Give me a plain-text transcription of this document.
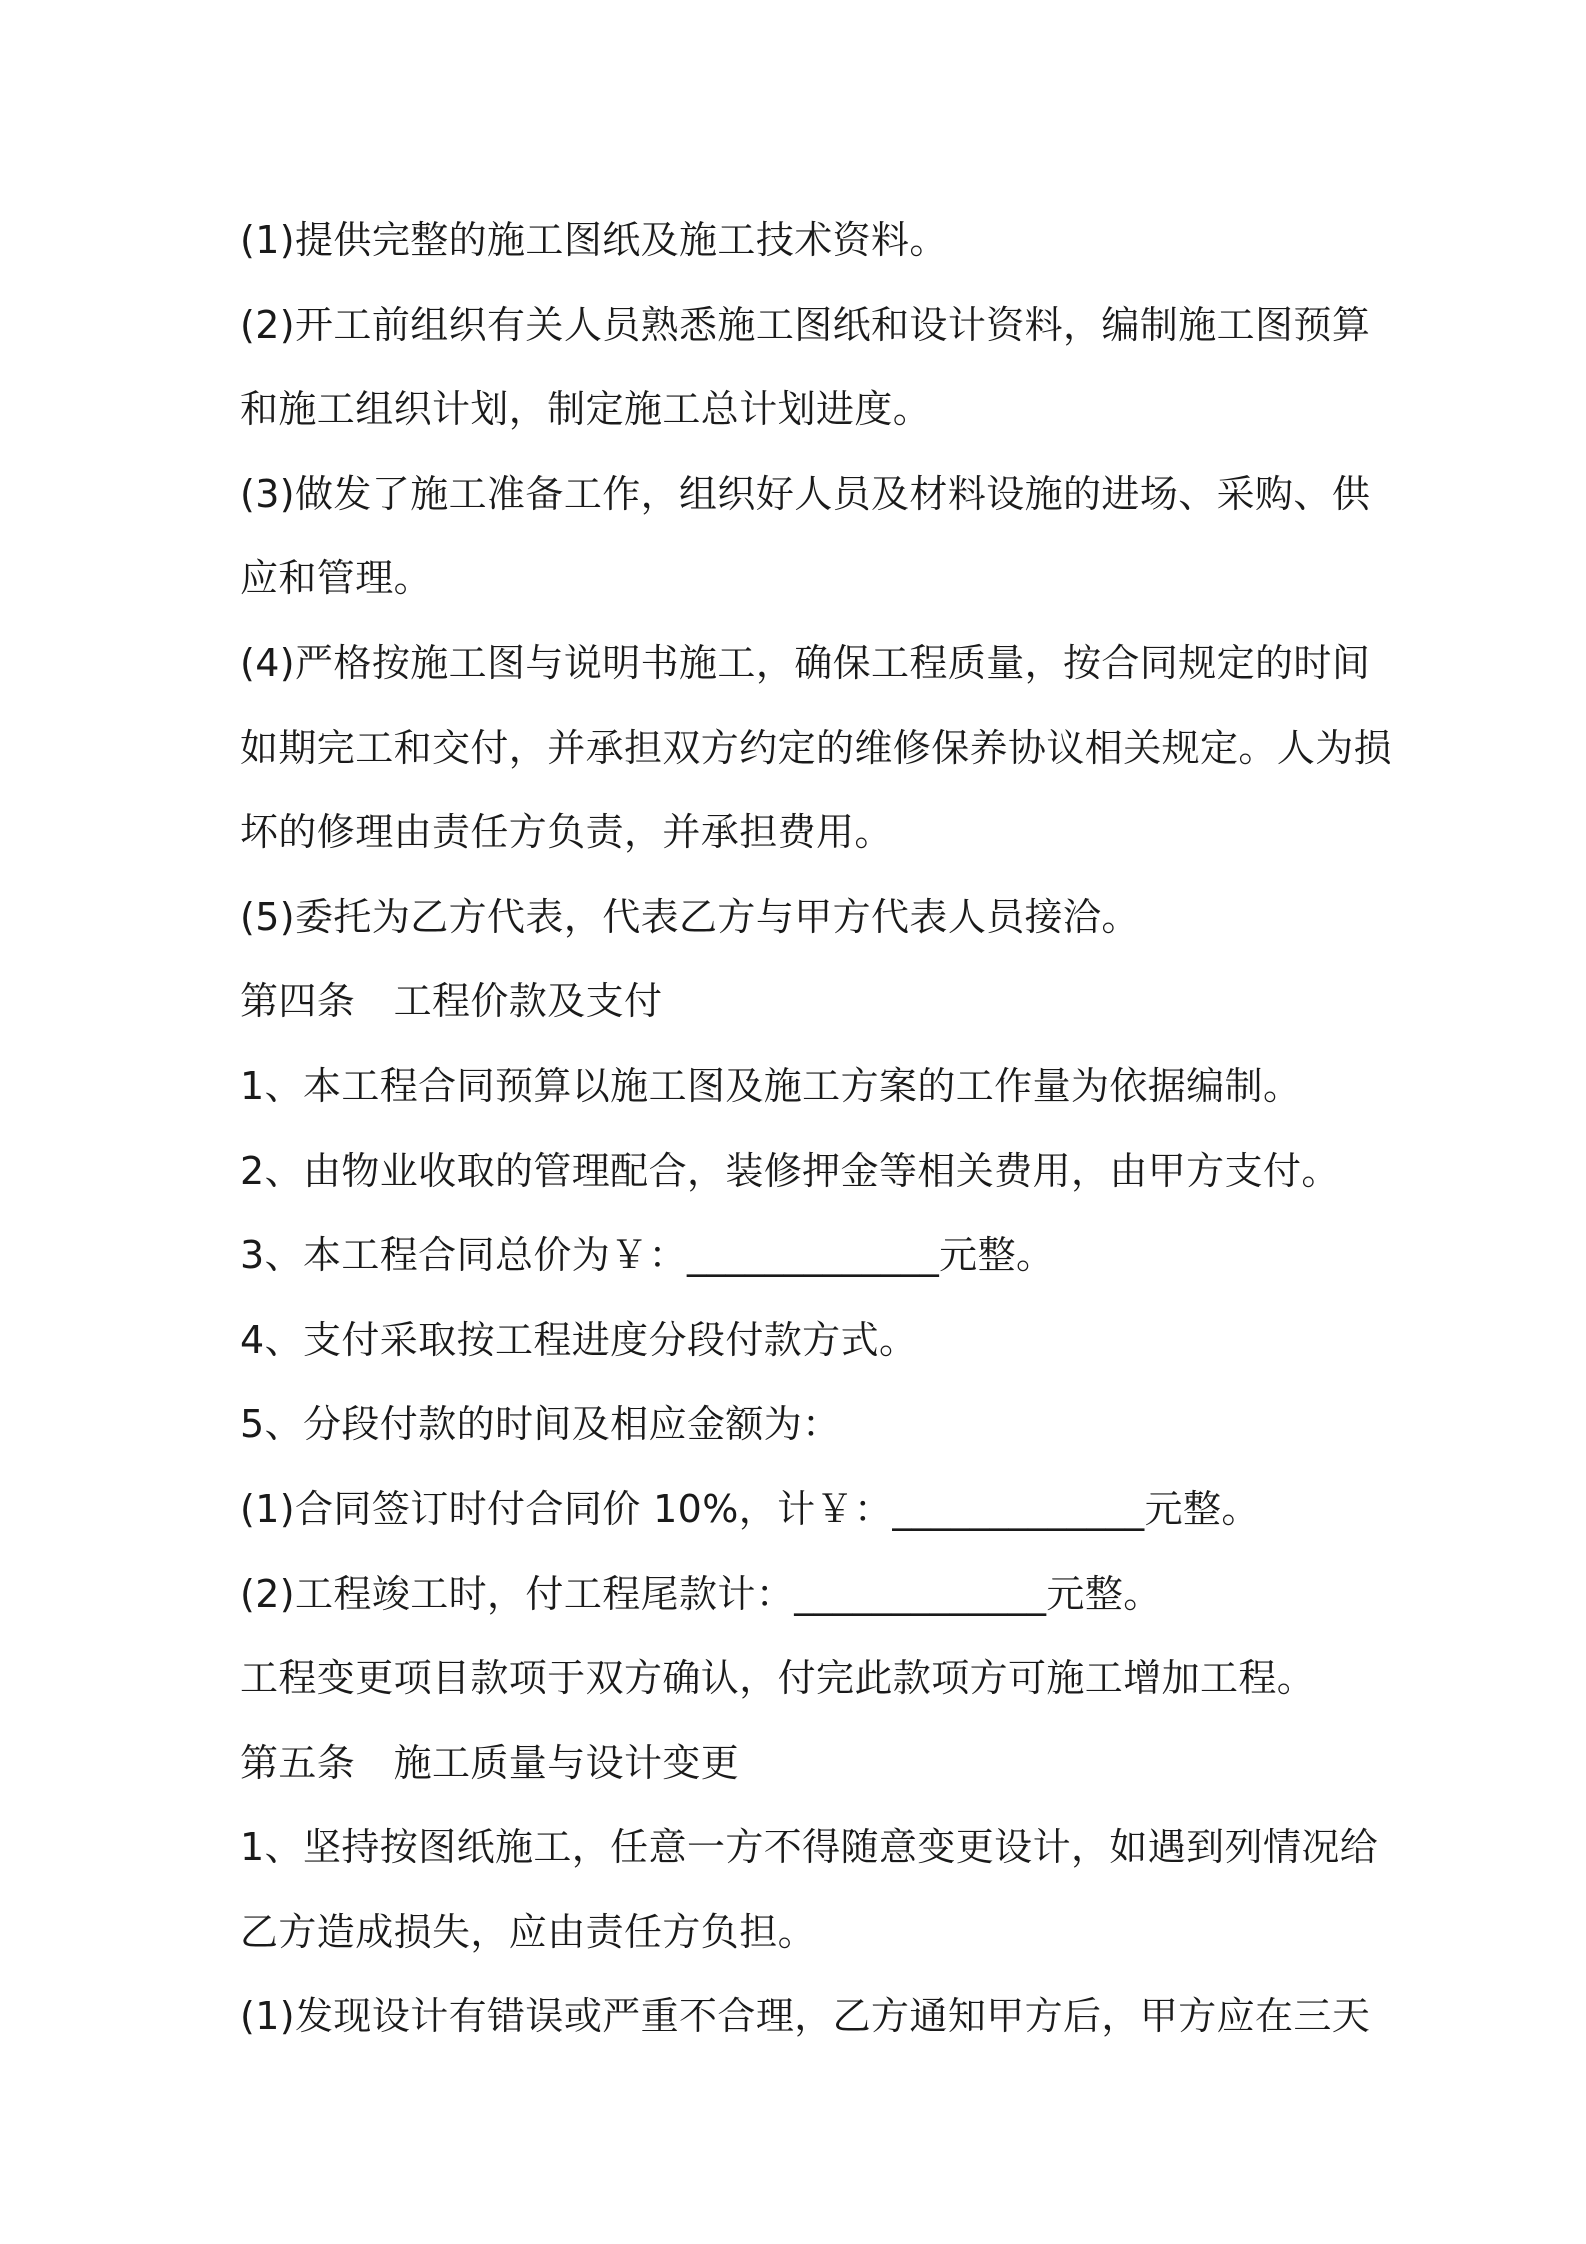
(1)提供完整的施工图纸及施工技术资料。
(2)开工前组织有关人员熟悉施工图纸和设计资料，编制施工图预算
和施工组织计划，制定施工总计划进度。
(3)做发了施工准备工作，组织好人员及材料设施的进场、采购、供
应和管理。
(4)严格按施工图与说明书施工，确保工程质量，按合同规定的时间
如期完工和交付，并承担双方约定的维修保养协议相关规定。人为损
坏的修理由责任方负责，并承担费用。
(5)委托为乙方代表，代表乙方与甲方代表人员接洽。
第四条　工程价款及支付
1、本工程合同预算以施工图及施工方案的工作量为依据编制。
2、由物业收取的管理配合，装修押金等相关费用，由甲方支付。
3、本工程合同总价为￥：_____________元整。
4、支付采取按工程进度分段付款方式。
5、分段付款的时间及相应金额为：
(1)合同签订时付合同价 10%，计￥：_____________元整。
(2)工程竣工时，付工程尾款计：_____________元整。
工程变更项目款项于双方确认，付完此款项方可施工增加工程。
第五条　施工质量与设计变更
1、坚持按图纸施工，任意一方不得随意变更设计，如遇到列情况给
乙方造成损失，应由责任方负担。
(1)发现设计有错误或严重不合理，乙方通知甲方后，甲方应在三天
